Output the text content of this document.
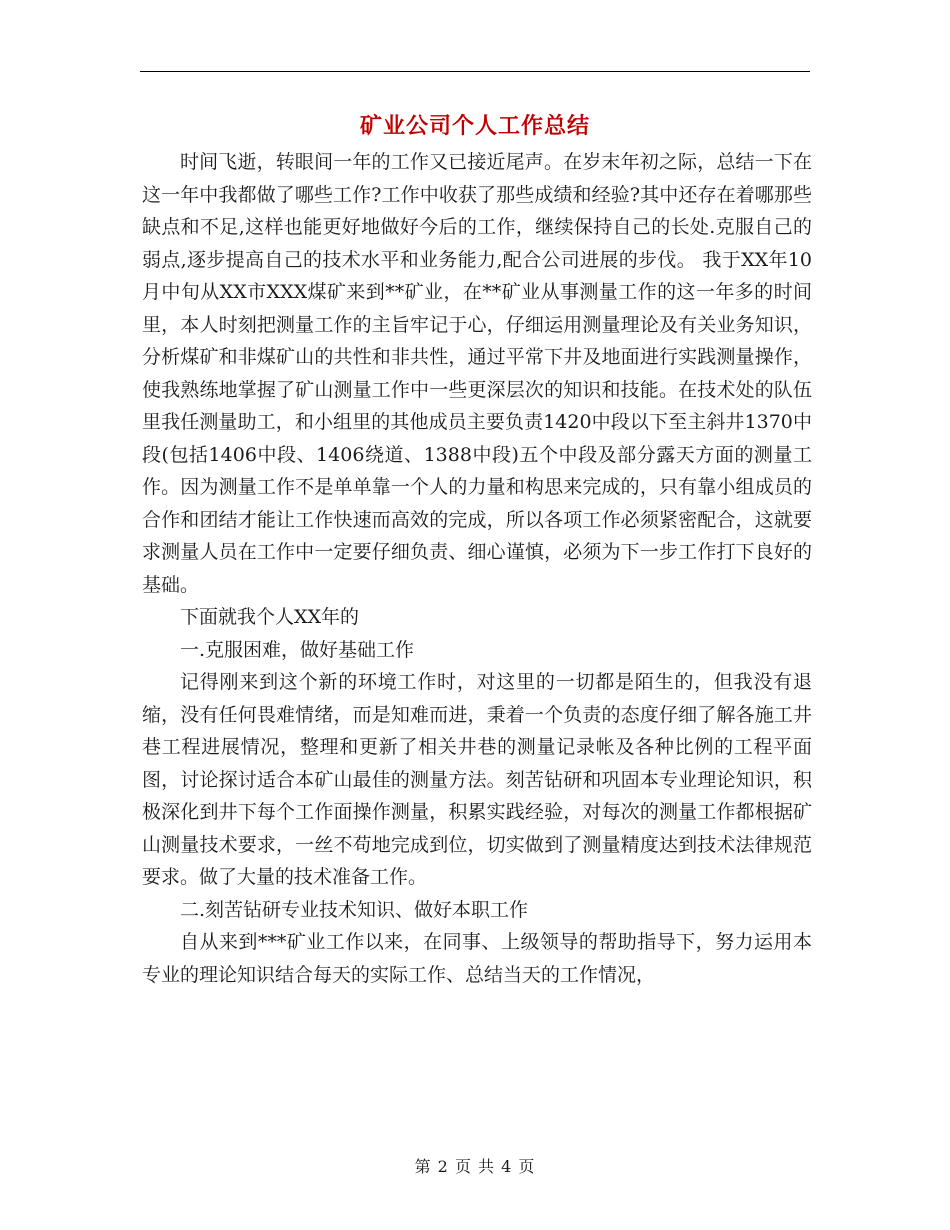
矿业公司个人工作总结

时间飞逝，转眼间一年的工作又已接近尾声。在岁末年初之际，总结一下在这一年中我都做了哪些工作?工作中收获了那些成绩和经验?其中还存在着哪那些缺点和不足,这样也能更好地做好今后的工作，继续保持自己的长处.克服自己的弱点,逐步提高自己的技术水平和业务能力,配合公司进展的步伐。 我于XX年10月中旬从XX市XXX煤矿来到**矿业，在**矿业从事测量工作的这一年多的时间里，本人时刻把测量工作的主旨牢记于心，仔细运用测量理论及有关业务知识，分析煤矿和非煤矿山的共性和非共性，通过平常下井及地面进行实践测量操作，使我熟练地掌握了矿山测量工作中一些更深层次的知识和技能。在技术处的队伍里我任测量助工，和小组里的其他成员主要负责1420中段以下至主斜井1370中段(包括1406中段、1406绕道、1388中段)五个中段及部分露天方面的测量工作。因为测量工作不是单单靠一个人的力量和构思来完成的，只有靠小组成员的合作和团结才能让工作快速而高效的完成，所以各项工作必须紧密配合，这就要求测量人员在工作中一定要仔细负责、细心谨慎，必须为下一步工作打下良好的基础。

下面就我个人XX年的

一.克服困难，做好基础工作

记得刚来到这个新的环境工作时，对这里的一切都是陌生的，但我没有退缩，没有任何畏难情绪，而是知难而进，秉着一个负责的态度仔细了解各施工井巷工程进展情况，整理和更新了相关井巷的测量记录帐及各种比例的工程平面图，讨论探讨适合本矿山最佳的测量方法。刻苦钻研和巩固本专业理论知识，积极深化到井下每个工作面操作测量，积累实践经验，对每次的测量工作都根据矿山测量技术要求，一丝不苟地完成到位，切实做到了测量精度达到技术法律规范要求。做了大量的技术准备工作。

二.刻苦钻研专业技术知识、做好本职工作

自从来到***矿业工作以来，在同事、上级领导的帮助指导下，努力运用本专业的理论知识结合每天的实际工作、总结当天的工作情况，

第 2 页 共 4 页
